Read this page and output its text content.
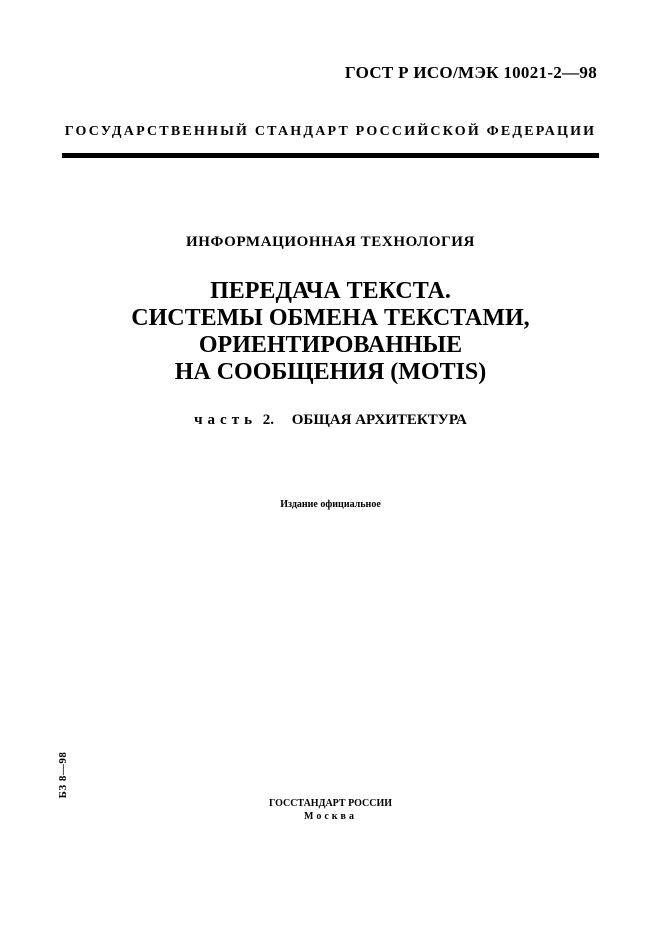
ГОСТ Р ИСО/МЭК 10021-2—98
ГОСУДАРСТВЕННЫЙ СТАНДАРТ РОССИЙСКОЙ ФЕДЕРАЦИИ
ИНФОРМАЦИОННАЯ ТЕХНОЛОГИЯ
ПЕРЕДАЧА ТЕКСТА.
СИСТЕМЫ ОБМЕНА ТЕКСТАМИ,
ОРИЕНТИРОВАННЫЕ
НА СООБЩЕНИЯ (MOTIS)
часть 2. ОБЩАЯ АРХИТЕКТУРА
Издание официальное
БЗ 8—98
ГОССТАНДАРТ РОССИИ
Москва
